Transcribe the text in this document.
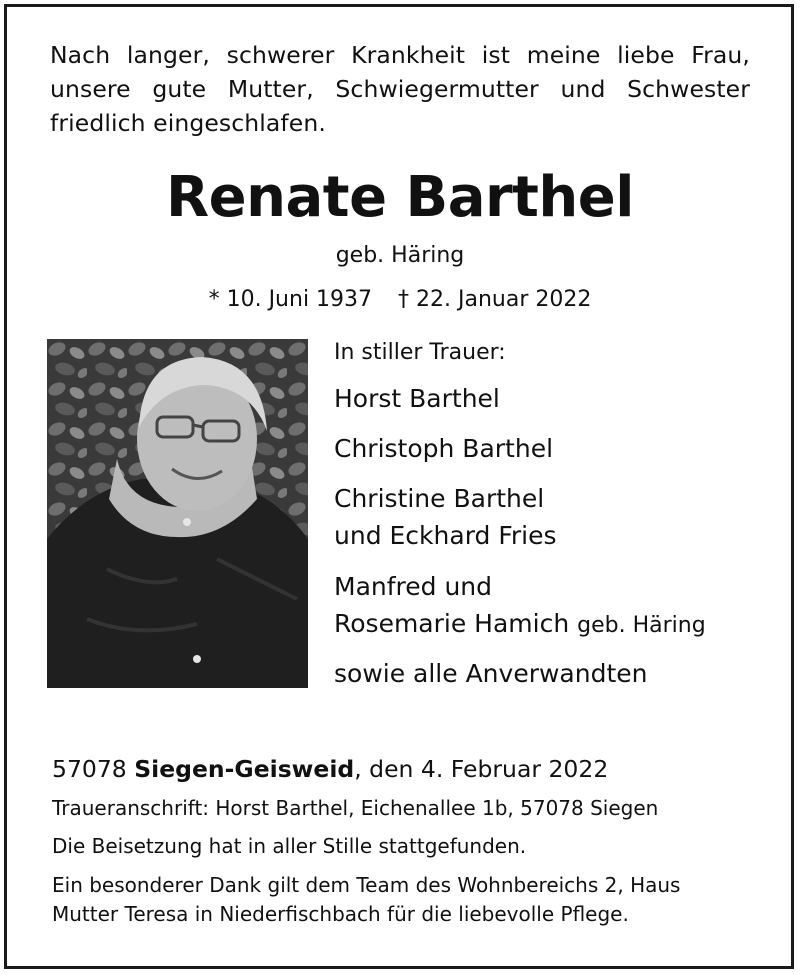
Nach langer, schwerer Krankheit ist meine liebe Frau, unsere gute Mutter, Schwiegermutter und Schwester friedlich eingeschlafen.
Renate Barthel
geb. Häring
* 10. Juni 1937 † 22. Januar 2022
In stiller Trauer:
Horst Barthel
Christoph Barthel
Christine Barthel
und Eckhard Fries
Manfred und
Rosemarie Hamich geb. Häring
sowie alle Anverwandten
57078 Siegen-Geisweid, den 4. Februar 2022
Traueranschrift: Horst Barthel, Eichenallee 1b, 57078 Siegen
Die Beisetzung hat in aller Stille stattgefunden.
Ein besonderer Dank gilt dem Team des Wohnbereichs 2, Haus
Mutter Teresa in Niederfischbach für die liebevolle Pflege.
